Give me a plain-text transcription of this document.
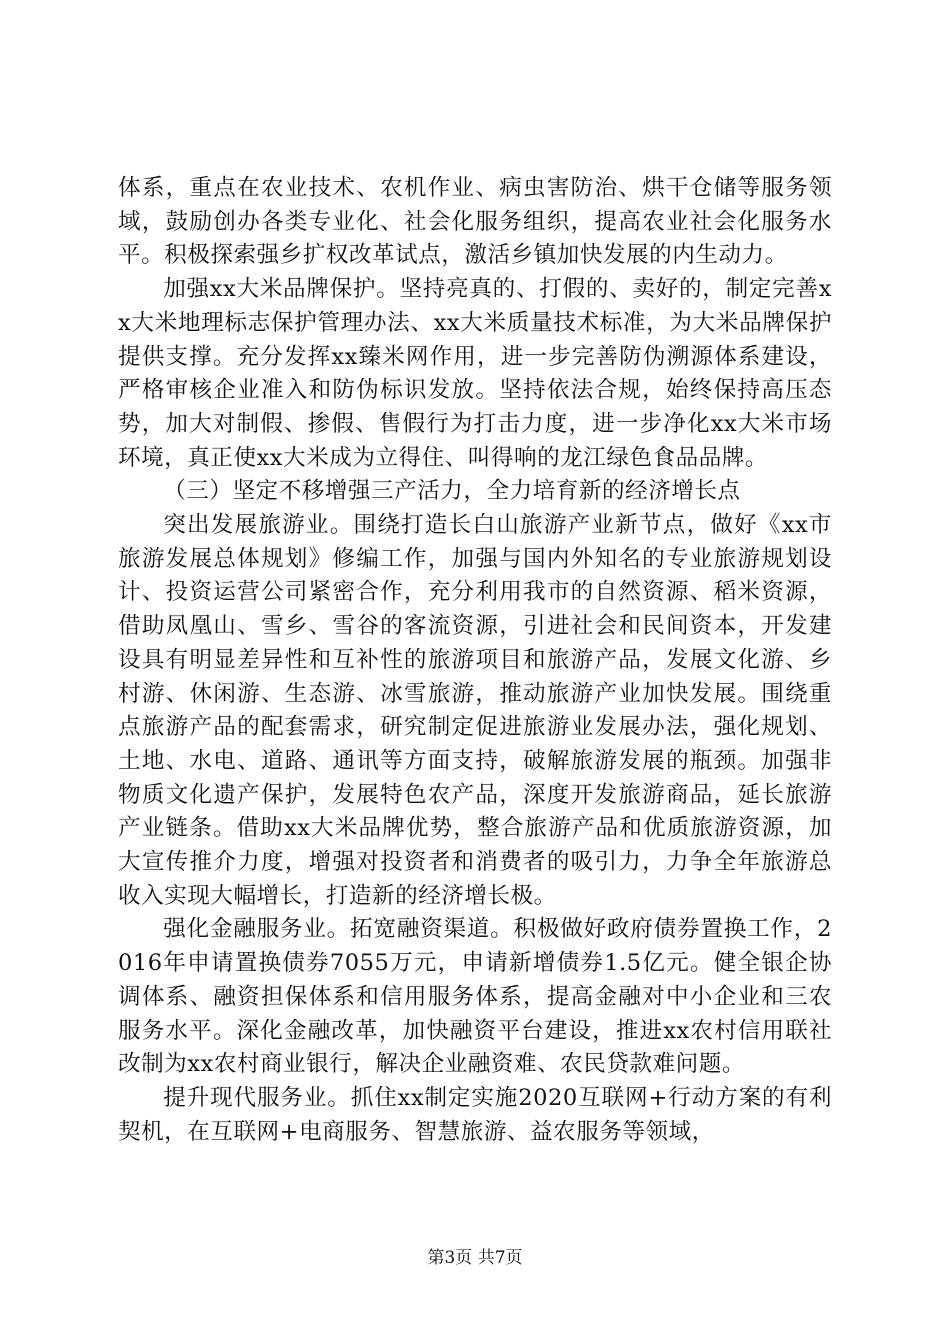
体系，重点在农业技术、农机作业、病虫害防治、烘干仓储等服务领域，鼓励创办各类专业化、社会化服务组织，提高农业社会化服务水平。积极探索强乡扩权改革试点，激活乡镇加快发展的内生动力。

加强xx大米品牌保护。坚持亮真的、打假的、卖好的，制定完善xx大米地理标志保护管理办法、xx大米质量技术标准，为大米品牌保护提供支撑。充分发挥xx臻米网作用，进一步完善防伪溯源体系建设，严格审核企业准入和防伪标识发放。坚持依法合规，始终保持高压态势，加大对制假、掺假、售假行为打击力度，进一步净化xx大米市场环境，真正使xx大米成为立得住、叫得响的龙江绿色食品品牌。

（三）坚定不移增强三产活力，全力培育新的经济增长点

突出发展旅游业。围绕打造长白山旅游产业新节点，做好《xx市旅游发展总体规划》修编工作，加强与国内外知名的专业旅游规划设计、投资运营公司紧密合作，充分利用我市的自然资源、稻米资源，借助凤凰山、雪乡、雪谷的客流资源，引进社会和民间资本，开发建设具有明显差异性和互补性的旅游项目和旅游产品，发展文化游、乡村游、休闲游、生态游、冰雪旅游，推动旅游产业加快发展。围绕重点旅游产品的配套需求，研究制定促进旅游业发展办法，强化规划、土地、水电、道路、通讯等方面支持，破解旅游发展的瓶颈。加强非物质文化遗产保护，发展特色农产品，深度开发旅游商品，延长旅游产业链条。借助xx大米品牌优势，整合旅游产品和优质旅游资源，加大宣传推介力度，增强对投资者和消费者的吸引力，力争全年旅游总收入实现大幅增长，打造新的经济增长极。

强化金融服务业。拓宽融资渠道。积极做好政府债券置换工作，2016年申请置换债券7055万元，申请新增债券1.5亿元。健全银企协调体系、融资担保体系和信用服务体系，提高金融对中小企业和三农服务水平。深化金融改革，加快融资平台建设，推进xx农村信用联社改制为xx农村商业银行，解决企业融资难、农民贷款难问题。

提升现代服务业。抓住xx制定实施2020互联网+行动方案的有利契机，在互联网+电商服务、智慧旅游、益农服务等领域，

第3页 共7页
